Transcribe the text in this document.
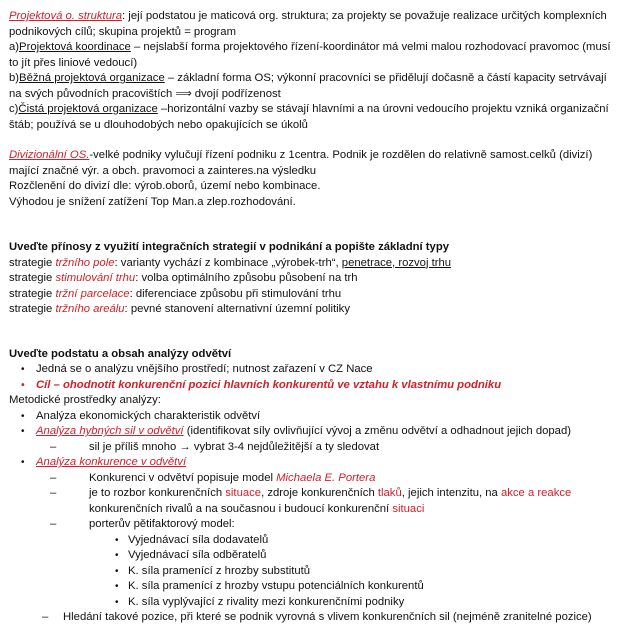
Projektová o. struktura: její podstatou je maticová org. struktura; za projekty se považuje realizace určitých komplexních podnikových cílů; skupina projektů = program

a)Projektová koordinace – nejslabší forma projektového řízení-koordinátor má velmi malou rozhodovací pravomoc (musí to jít přes liniové vedoucí)

b)Běžná projektová organizace – základní forma OS; výkonní pracovníci se přidělují dočasně a částí kapacity setrvávají na svých původních pracovištích ⟹ dvojí podřízenost

c)Čistá projektová organizace –horizontální vazby se stávají hlavními a na úrovni vedoucího projektu vzniká organizační štáb; používá se u dlouhodobých nebo opakujících se úkolů

Divizionální OS.-velké podniky vylučují řízení podniku z 1centra. Podnik je rozdělen do relativně samost.celků (divizí) mající značné výr. a obch. pravomoci a zainteres.na výsledku

Rozčlenění do divizí dle: výrob.oborů, území nebo kombinace.

Výhodou je snížení zatížení Top Man.a zlep.rozhodování.

Uveďte přínosy z využití integračních strategií v podnikání a popište základní typy

strategie tržního pole: varianty vychází z kombinace „výrobek-trh“, penetrace, rozvoj trhu

strategie stimulování trhu: volba optimálního způsobu působení na trh

strategie tržní parcelace: diferenciace způsobu při stimulování trhu

strategie tržního areálu: pevné stanovení alternativní územní politiky

Uveďte podstatu a obsah analýzy odvětví

• Jedná se o analýzu vnějšího prostředí; nutnost zařazení v CZ Nace

• Cíl – ohodnotit konkurenční pozici hlavních konkurentů ve vztahu k vlastnímu podniku

Metodické prostředky analýzy:

• Analýza ekonomických charakteristik odvětví

• Analýza hybných sil v odvětví (identifikovat síly ovlivňující vývoj a změnu odvětví a odhadnout jejich dopad)

–	sil je příliš mnoho → vybrat 3-4 nejdůležitější a ty sledovat

• Analýza konkurence v odvětví

–	Konkurenci v odvětví popisuje model Michaela E. Portera

–	je to rozbor konkurenčních situace, zdroje konkurenčních tlaků, jejich intenzitu, na akce a reakce konkurenčních rivalů a na současnou i budoucí konkurenční situaci

–	porterův pětifaktorový model:

• Vyjednávací síla dodavatelů

• Vyjednávací síla odběratelů

• K. síla pramenící z hrozby substitutů

• K. síla pramenící z hrozby vstupu potenciálních konkurentů

• K. síla vyplývající z rivality mezi konkurenčními podniky

– Hledání takové pozice, při které se podnik vyrovná s vlivem konkurenčních sil (nejméně zranitelné pozice)
